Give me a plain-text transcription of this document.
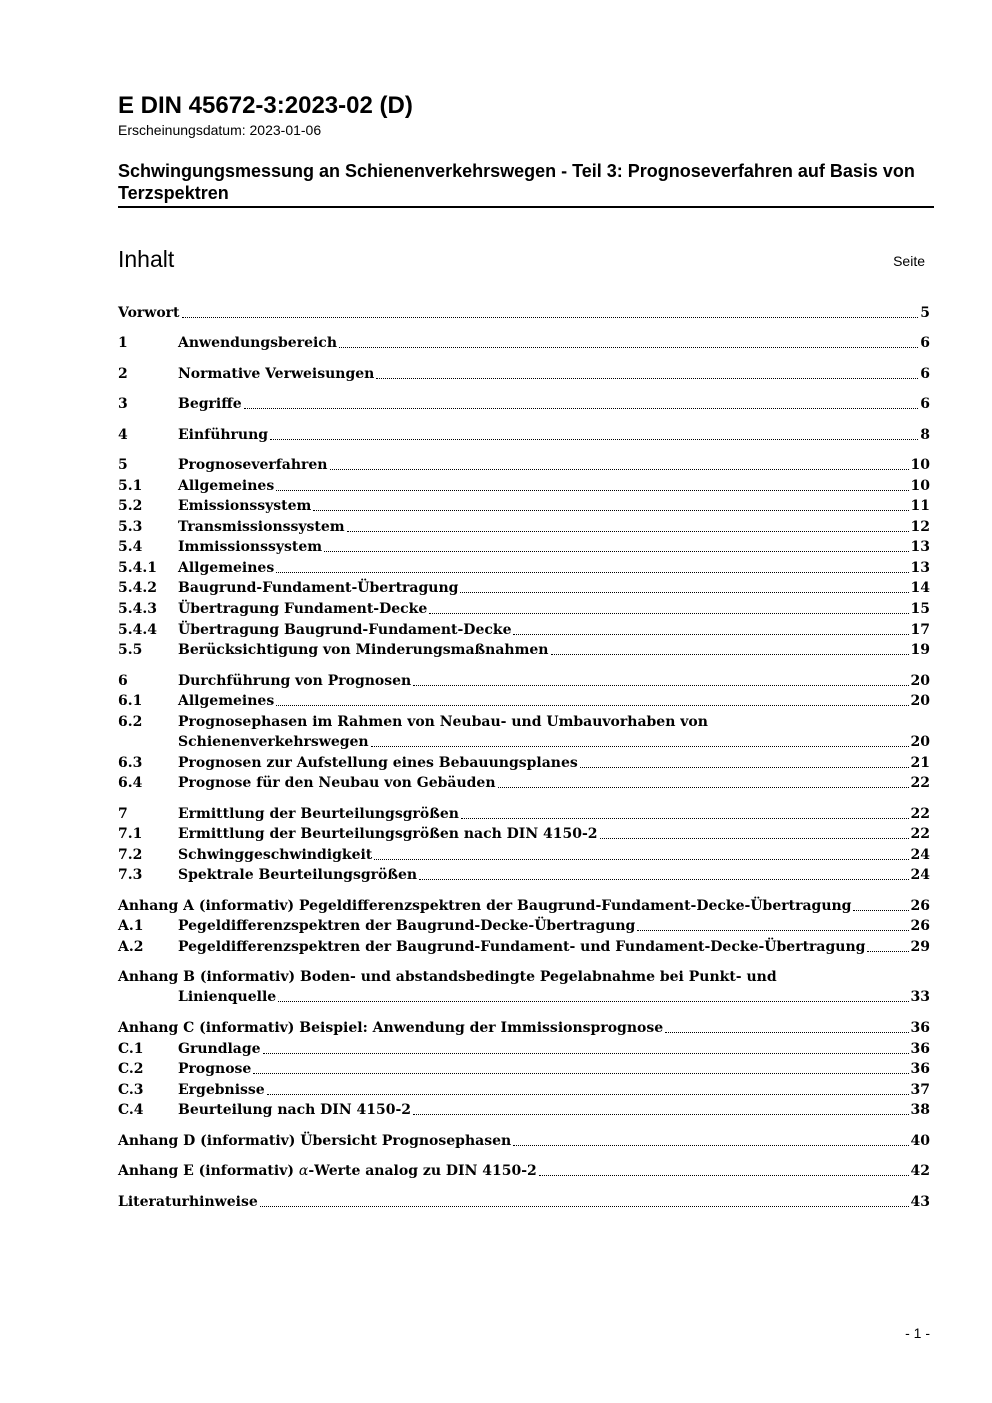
E DIN 45672-3:2023-02 (D)
Erscheinungsdatum: 2023-01-06
Schwingungsmessung an Schienenverkehrswegen - Teil 3: Prognoseverfahren auf Basis von Terzspektren
Inhalt	Seite
Vorwort	5
1	Anwendungsbereich	6
2	Normative Verweisungen	6
3	Begriffe	6
4	Einführung	8
5	Prognoseverfahren	10
5.1	Allgemeines	10
5.2	Emissionssystem	11
5.3	Transmissionssystem	12
5.4	Immissionssystem	13
5.4.1	Allgemeines	13
5.4.2	Baugrund-Fundament-Übertragung	14
5.4.3	Übertragung Fundament-Decke	15
5.4.4	Übertragung Baugrund-Fundament-Decke	17
5.5	Berücksichtigung von Minderungsmaßnahmen	19
6	Durchführung von Prognosen	20
6.1	Allgemeines	20
6.2	Prognosephasen im Rahmen von Neubau- und Umbauvorhaben von
Schienenverkehrswegen	20
6.3	Prognosen zur Aufstellung eines Bebauungsplanes	21
6.4	Prognose für den Neubau von Gebäuden	22
7	Ermittlung der Beurteilungsgrößen	22
7.1	Ermittlung der Beurteilungsgrößen nach DIN 4150-2	22
7.2	Schwinggeschwindigkeit	24
7.3	Spektrale Beurteilungsgrößen	24
Anhang A (informativ) Pegeldifferenzspektren der Baugrund-Fundament-Decke-Übertragung	26
A.1	Pegeldifferenzspektren der Baugrund-Decke-Übertragung	26
A.2	Pegeldifferenzspektren der Baugrund-Fundament- und Fundament-Decke-Übertragung	29
Anhang B (informativ) Boden- und abstandsbedingte Pegelabnahme bei Punkt- und
Linienquelle	33
Anhang C (informativ) Beispiel: Anwendung der Immissionsprognose	36
C.1	Grundlage	36
C.2	Prognose	36
C.3	Ergebnisse	37
C.4	Beurteilung nach DIN 4150-2	38
Anhang D (informativ) Übersicht Prognosephasen	40
Anhang E (informativ) α-Werte analog zu DIN 4150-2	42
Literaturhinweise	43
- 1 -
